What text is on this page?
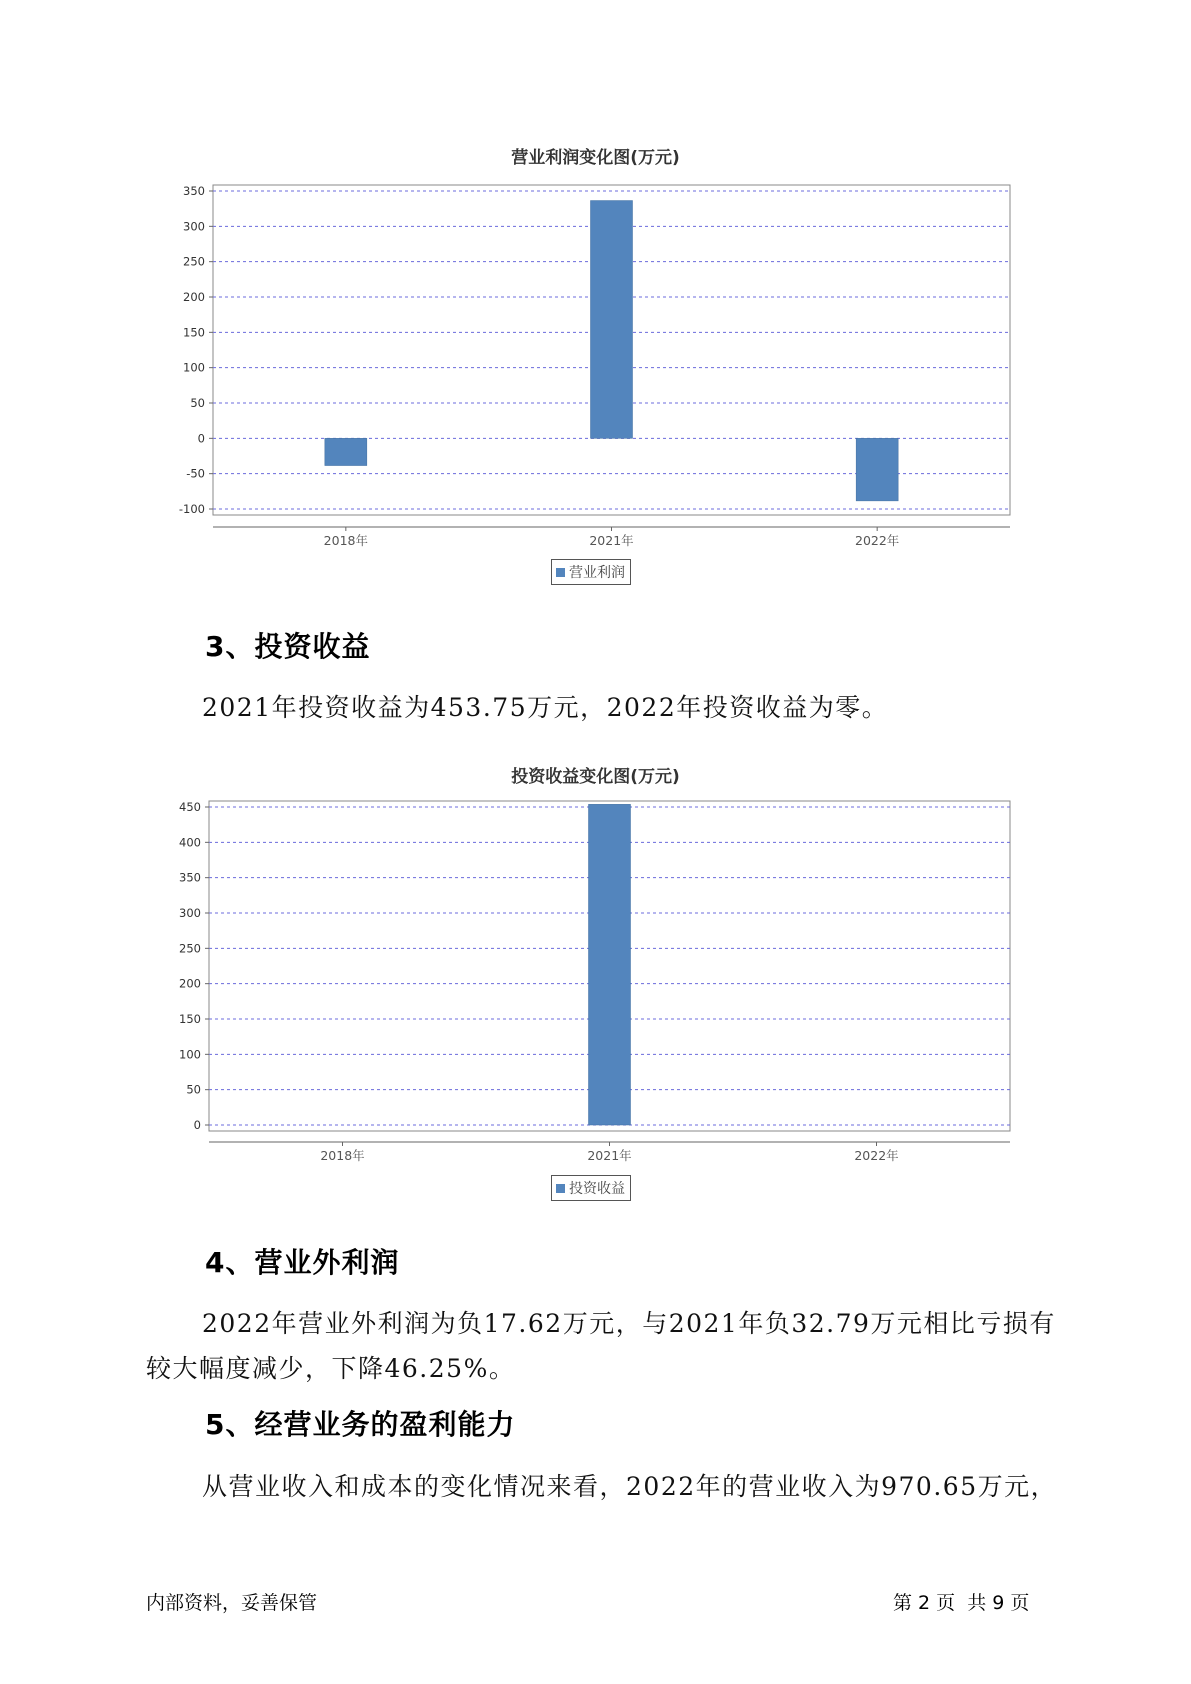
营业利润变化图(万元)
350
300
250
200
150
100
50
0
-50
-100
2018年	2021年	2022年
营业利润
3、投资收益
2021年投资收益为453.75万元，2022年投资收益为零。
投资收益变化图(万元)
450
400
350
300
250
200
150
100
50
0
2018年	2021年	2022年
投资收益
4、营业外利润
2022年营业外利润为负17.62万元，与2021年负32.79万元相比亏损有
较大幅度减少，下降46.25%。
5、经营业务的盈利能力
从营业收入和成本的变化情况来看，2022年的营业收入为970.65万元，
内部资料，妥善保管	第 2 页  共 9 页
